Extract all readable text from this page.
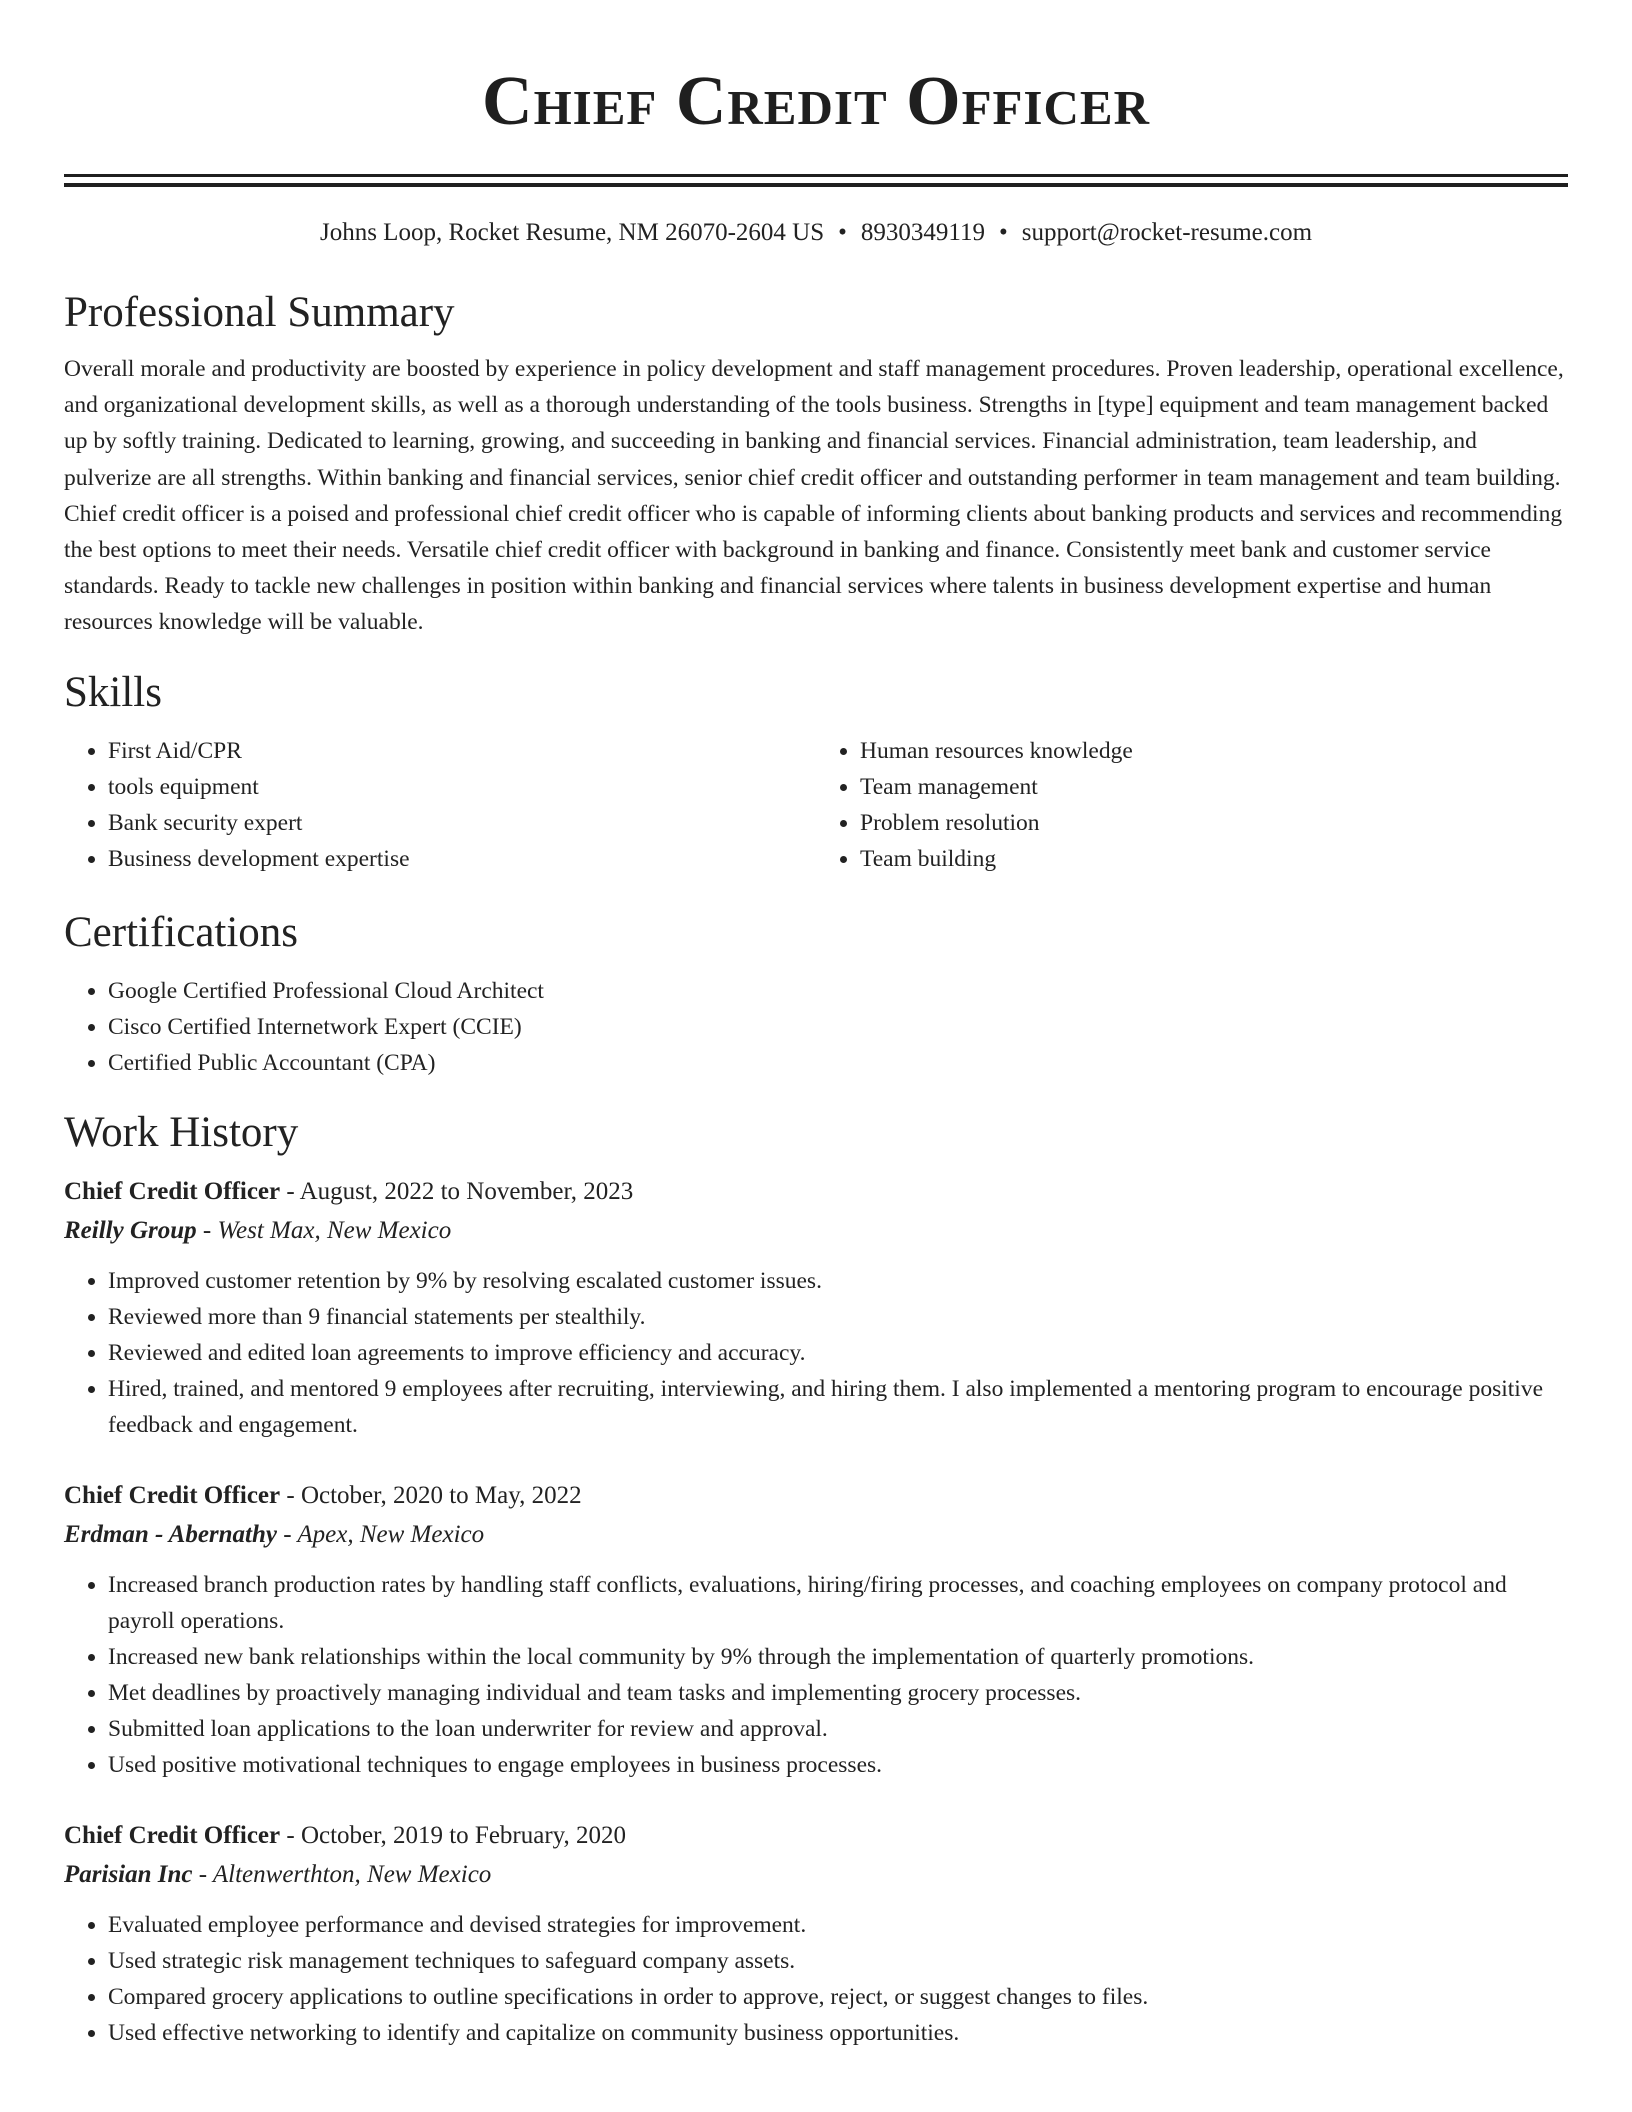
Chief Credit Officer
Johns Loop, Rocket Resume, NM 26070-2604 US • 8930349119 • support@rocket-resume.com
Professional Summary

Overall morale and productivity are boosted by experience in policy development and staff management procedures. Proven leadership, operational excellence, and organizational development skills, as well as a thorough understanding of the tools business. Strengths in [type] equipment and team management backed up by softly training. Dedicated to learning, growing, and succeeding in banking and financial services. Financial administration, team leadership, and pulverize are all strengths. Within banking and financial services, senior chief credit officer and outstanding performer in team management and team building. Chief credit officer is a poised and professional chief credit officer who is capable of informing clients about banking products and services and recommending the best options to meet their needs. Versatile chief credit officer with background in banking and finance. Consistently meet bank and customer service standards. Ready to tackle new challenges in position within banking and financial services where talents in business development expertise and human resources knowledge will be valuable.

Skills
• First Aid/CPR
• tools equipment
• Bank security expert
• Business development expertise
• Human resources knowledge
• Team management
• Problem resolution
• Team building
Certifications
• Google Certified Professional Cloud Architect
• Cisco Certified Internetwork Expert (CCIE)
• Certified Public Accountant (CPA)
Work History
Chief Credit Officer - August, 2022 to November, 2023
Reilly Group - West Max, New Mexico
• Improved customer retention by 9% by resolving escalated customer issues.
• Reviewed more than 9 financial statements per stealthily.
• Reviewed and edited loan agreements to improve efficiency and accuracy.
• Hired, trained, and mentored 9 employees after recruiting, interviewing, and hiring them. I also implemented a mentoring program to encourage positive feedback and engagement.
Chief Credit Officer - October, 2020 to May, 2022
Erdman - Abernathy - Apex, New Mexico
• Increased branch production rates by handling staff conflicts, evaluations, hiring/firing processes, and coaching employees on company protocol and payroll operations.
• Increased new bank relationships within the local community by 9% through the implementation of quarterly promotions.
• Met deadlines by proactively managing individual and team tasks and implementing grocery processes.
• Submitted loan applications to the loan underwriter for review and approval.
• Used positive motivational techniques to engage employees in business processes.
Chief Credit Officer - October, 2019 to February, 2020
Parisian Inc - Altenwerthton, New Mexico
• Evaluated employee performance and devised strategies for improvement.
• Used strategic risk management techniques to safeguard company assets.
• Compared grocery applications to outline specifications in order to approve, reject, or suggest changes to files.
• Used effective networking to identify and capitalize on community business opportunities.
